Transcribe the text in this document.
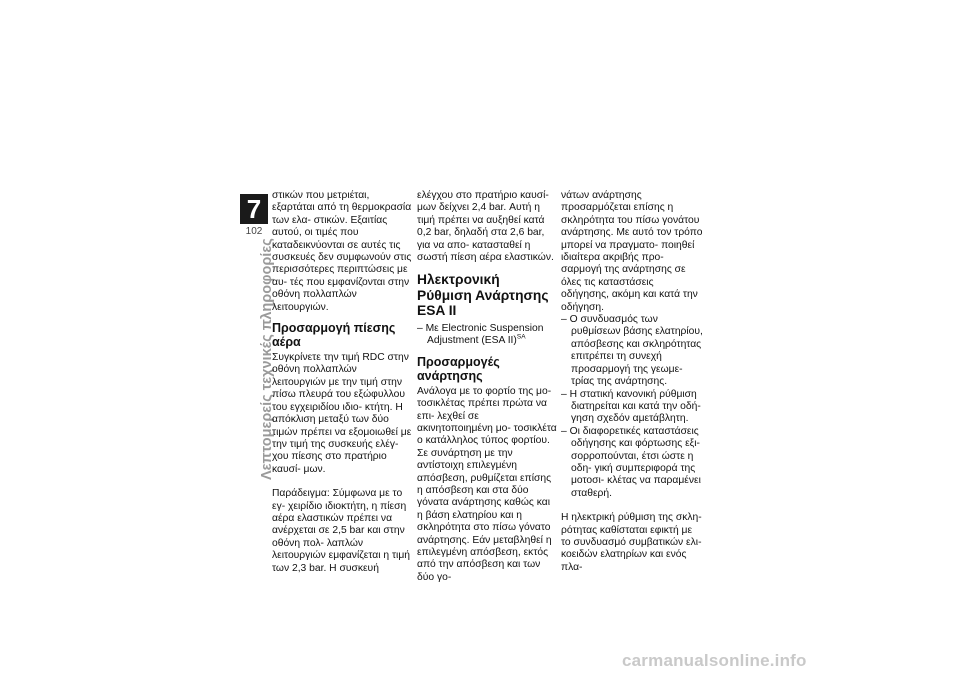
7
102
Λεπτομερείς τεχνικές πληροφορίες

στικών που μετριέται, εξαρτάται από τη θερμοκρασία των ελα- στικών. Εξαιτίας αυτού, οι τιμές που καταδεικνύονται σε αυτές τις συσκευές δεν συμφωνούν στις περισσότερες περιπτώσεις με αυ- τές που εμφανίζονται στην οθόνη πολλαπλών λειτουργιών.

Προσαρμογή πίεσης αέρα

Συγκρίνετε την τιμή RDC στην οθόνη πολλαπλών λειτουργιών με την τιμή στην πίσω πλευρά του εξώφυλλου του εγχειριδίου ιδιο- κτήτη. Η απόκλιση μεταξύ των δύο τιμών πρέπει να εξομοιωθεί με την τιμή της συσκευής ελέγ- χου πίεσης στο πρατήριο καυσί- μων.

Παράδειγμα: Σύμφωνα με το εγ- χειρίδιο ιδιοκτήτη, η πίεση αέρα ελαστικών πρέπει να ανέρχεται σε 2,5 bar και στην οθόνη πολ- λαπλών λειτουργιών εμφανίζεται η τιμή των 2,3 bar. Η συσκευή

ελέγχου στο πρατήριο καυσί- μων δείχνει 2,4 bar. Αυτή η τιμή πρέπει να αυξηθεί κατά 0,2 bar, δηλαδή στα 2,6 bar, για να απο- κατασταθεί η σωστή πίεση αέρα ελαστικών.

Ηλεκτρονική Ρύθμιση Ανάρτησης ESA II

– Με Electronic Suspension Adjustment (ESA II)$^{SA}$

Προσαρμογές ανάρτησης

Ανάλογα με το φορτίο της μο- τοσικλέτας πρέπει πρώτα να επι- λεχθεί σε ακινητοποιημένη μο- τοσικλέτα ο κατάλληλος τύπος φορτίου. Σε συνάρτηση με την αντίστοιχη επιλεγμένη απόσβεση, ρυθμίζεται επίσης η απόσβεση και στα δύο γόνατα ανάρτησης καθώς και η βάση ελατηρίου και η σκληρότητα στο πίσω γόνατο ανάρτησης. Εάν μεταβληθεί η επιλεγμένη απόσβεση, εκτός από την απόσβεση και των δύο γο-

νάτων ανάρτησης προσαρμόζεται επίσης η σκληρότητα του πίσω γονάτου ανάρτησης. Με αυτό τον τρόπο μπορεί να πραγματο- ποιηθεί ιδιαίτερα ακριβής προ- σαρμογή της ανάρτησης σε όλες τις καταστάσεις οδήγησης, ακόμη και κατά την οδήγηση.

– Ο συνδυασμός των ρυθμίσεων βάσης ελατηρίου, απόσβεσης και σκληρότητας επιτρέπει τη συνεχή προσαρμογή της γεωμε- τρίας της ανάρτησης.

– Η στατική κανονική ρύθμιση διατηρείται και κατά την οδή- γηση σχεδόν αμετάβλητη.

– Οι διαφορετικές καταστάσεις οδήγησης και φόρτωσης εξι- σορροπούνται, έτσι ώστε η οδη- γική συμπεριφορά της μοτοσι- κλέτας να παραμένει σταθερή.

Η ηλεκτρική ρύθμιση της σκλη- ρότητας καθίσταται εφικτή με το συνδυασμό συμβατικών ελι- κοειδών ελατηρίων και ενός πλα-

carmanualsonline.info
